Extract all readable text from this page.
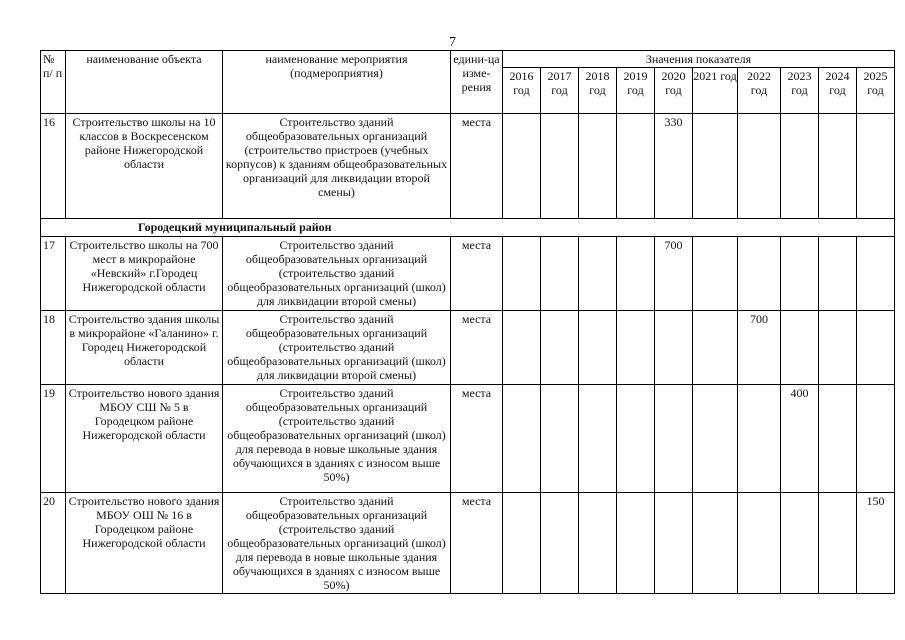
7
№ п/ п	наименование объекта	наименование мероприятия (подмероприятия)	едини-ца изме-рения	Значения показателя									
				2016 год	2017 год	2018 год	2019 год	2020 год	2021 год	2022 год	2023 год	2024 год	2025 год
16	Строительство школы на 10 классов в Воскресенском районе Нижегородской области	Строительство зданий общеобразовательных организаций (строительство пристроев (учебных корпусов) к зданиям общеобразовательных организаций для ликвидации второй смены)	места					330					
Городецкий муниципальный район													
17	Строительство школы на 700 мест в микрорайоне «Невский» г.Городец Нижегородской области	Строительство зданий общеобразовательных организаций (строительство зданий общеобразовательных организаций (школ) для ликвидации второй смены)	места					700					
18	Строительство здания школы в микрорайоне «Галанино» г. Городец Нижегородской области	Строительство зданий общеобразовательных организаций (строительство зданий общеобразовательных организаций (школ) для ликвидации второй смены)	места							700			
19	Строительство нового здания МБОУ СШ № 5 в Городецком районе Нижегородской области	Строительство зданий общеобразовательных организаций (строительство зданий общеобразовательных организаций (школ) для перевода в новые школьные здания обучающихся в зданиях с износом выше 50%)	места								400		
20	Строительство нового здания МБОУ ОШ № 16 в Городецком районе Нижегородской области	Строительство зданий общеобразовательных организаций (строительство зданий общеобразовательных организаций (школ) для перевода в новые школьные здания обучающихся в зданиях с износом выше 50%)	места										150
